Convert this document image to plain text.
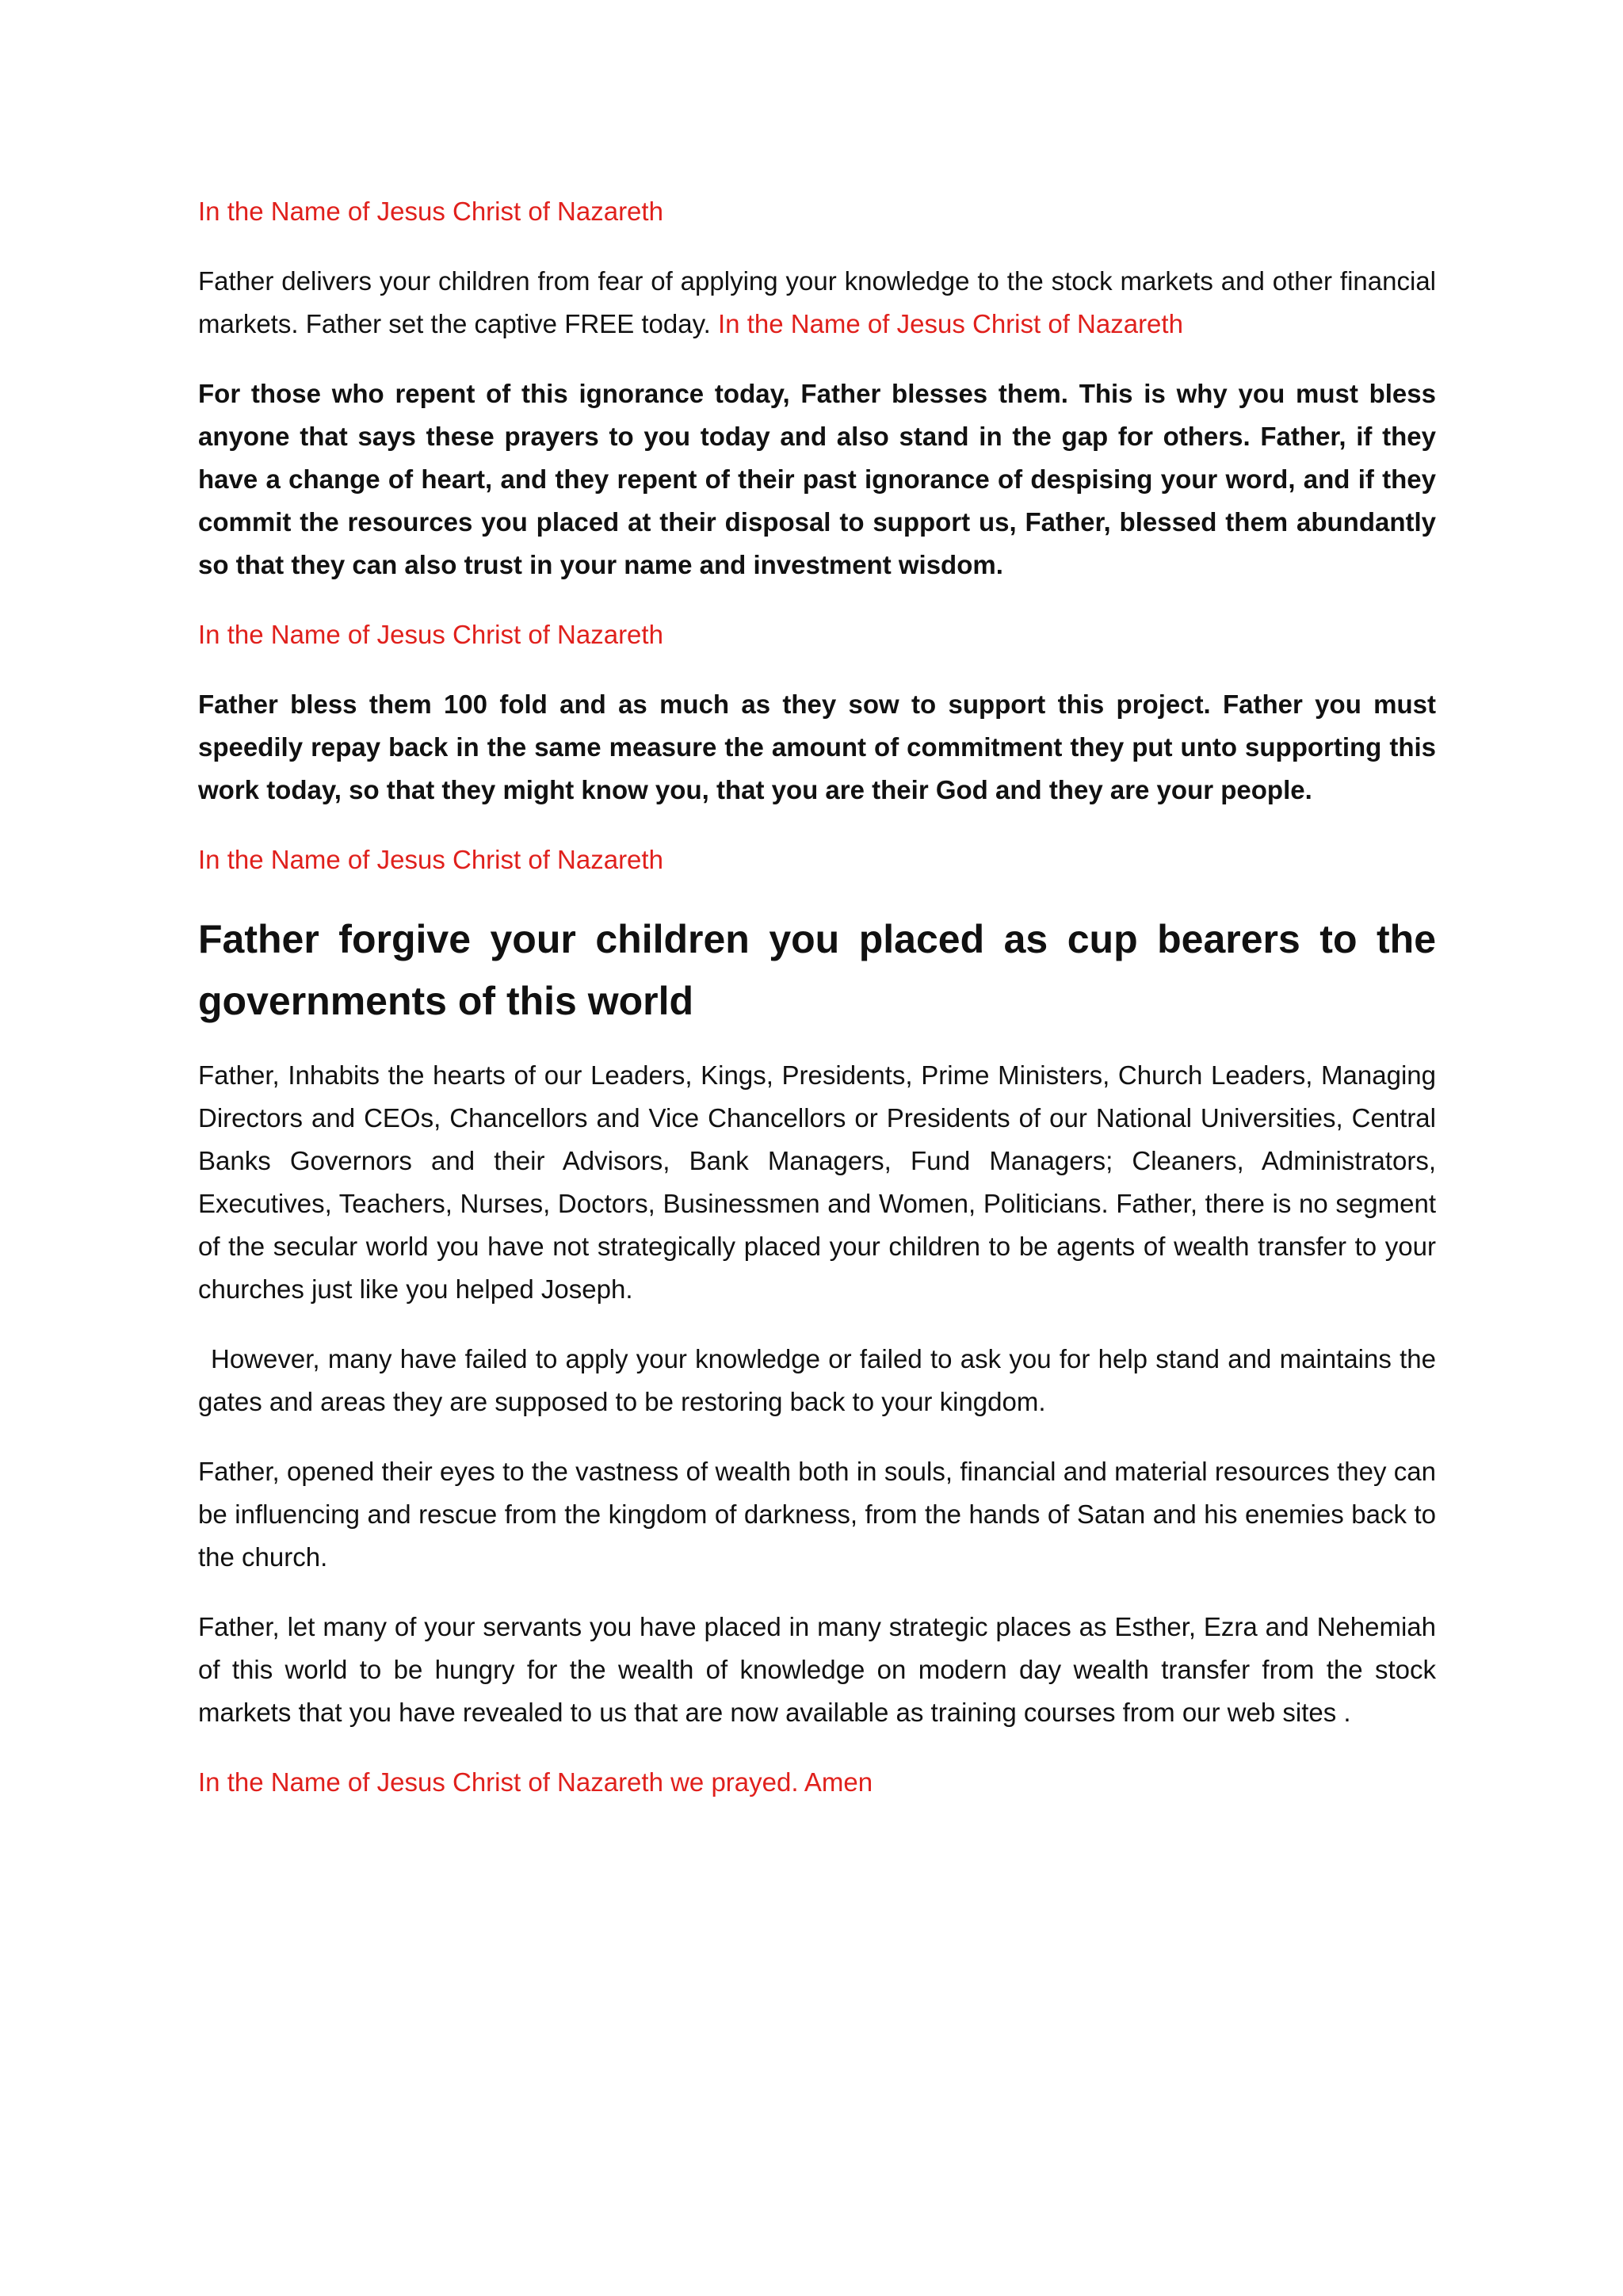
In the Name of Jesus Christ of Nazareth

Father delivers your children from fear of applying your knowledge to the stock markets and other financial markets. Father set the captive FREE today. In the Name of Jesus Christ of Nazareth

For those who repent of this ignorance today, Father blesses them. This is why you must bless anyone that says these prayers to you today and also stand in the gap for others. Father, if they have a change of heart, and they repent of their past ignorance of despising your word, and if they commit the resources you placed at their disposal to support us, Father, blessed them abundantly so that they can also trust in your name and investment wisdom.

In the Name of Jesus Christ of Nazareth

Father bless them 100 fold and as much as they sow to support this project. Father you must speedily repay back in the same measure the amount of commitment they put unto supporting this work today, so that they might know you, that you are their God and they are your people.

In the Name of Jesus Christ of Nazareth

Father forgive your children you placed as cup bearers to the governments of this world

Father, Inhabits the hearts of our Leaders, Kings, Presidents, Prime Ministers, Church Leaders, Managing Directors and CEOs, Chancellors and Vice Chancellors or Presidents of our National Universities, Central Banks Governors and their Advisors, Bank Managers, Fund Managers; Cleaners, Administrators, Executives, Teachers, Nurses, Doctors, Businessmen and Women, Politicians. Father, there is no segment of the secular world you have not strategically placed your children to be agents of wealth transfer to your churches just like you helped Joseph.

However, many have failed to apply your knowledge or failed to ask you for help stand and maintains the gates and areas they are supposed to be restoring back to your kingdom.

Father, opened their eyes to the vastness of wealth both in souls, financial and material resources they can be influencing and rescue from the kingdom of darkness, from the hands of Satan and his enemies back to the church.

Father, let many of your servants you have placed in many strategic places as Esther, Ezra and Nehemiah of this world to be hungry for the wealth of knowledge on modern day wealth transfer from the stock markets that you have revealed to us that are now available as training courses from our web sites .

In the Name of Jesus Christ of Nazareth we prayed. Amen
